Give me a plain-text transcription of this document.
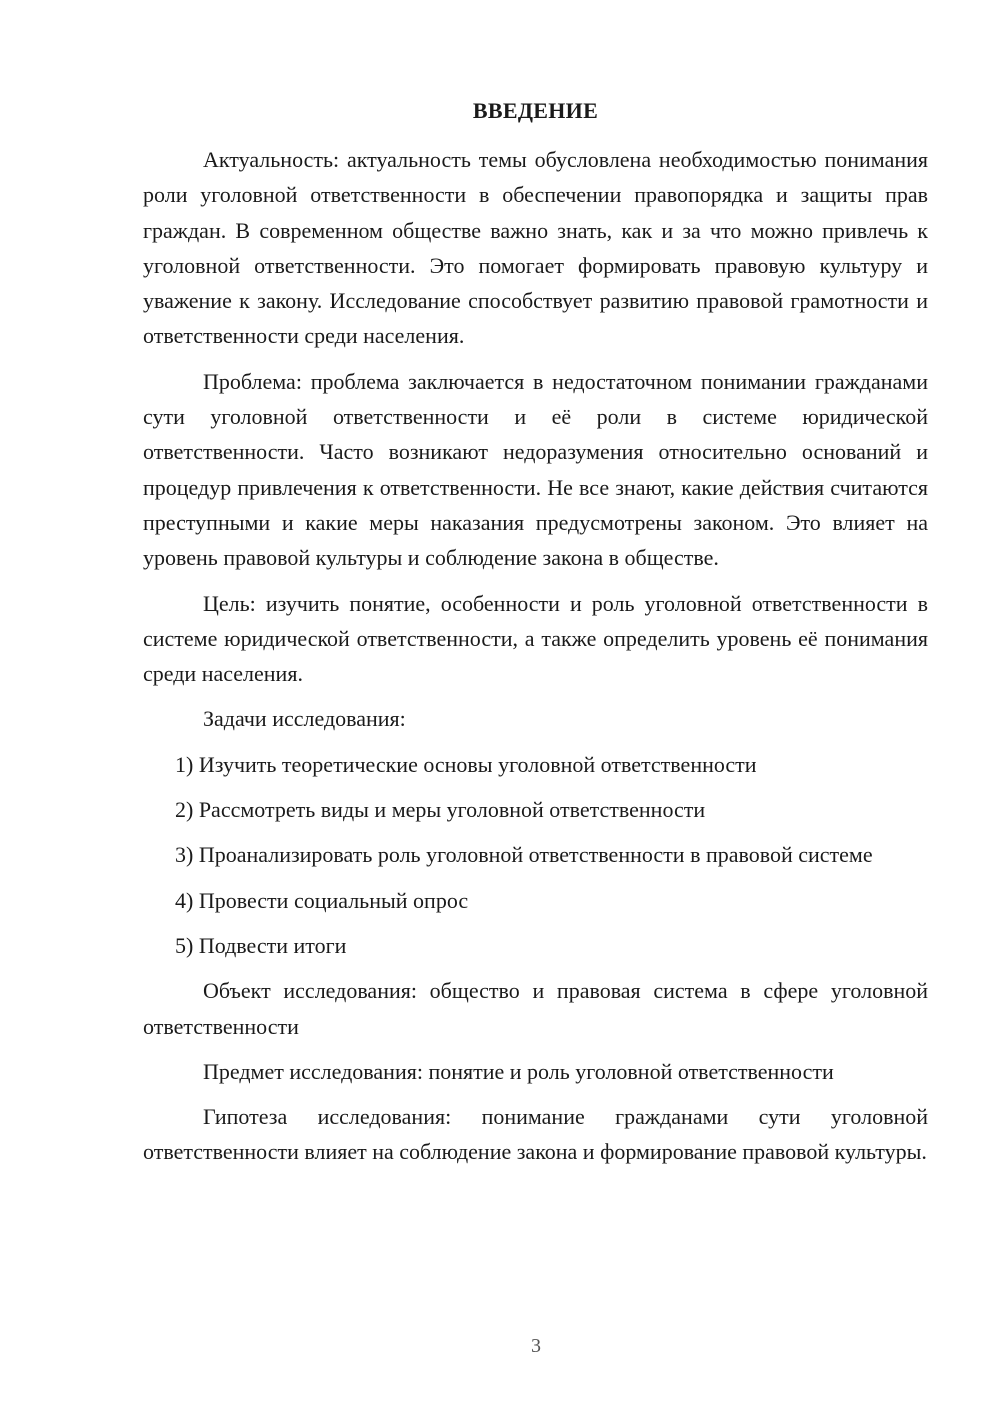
ВВЕДЕНИЕ

Актуальность: актуальность темы обусловлена необходимостью понимания роли уголовной ответственности в обеспечении правопорядка и защиты прав граждан. В современном обществе важно знать, как и за что можно привлечь к уголовной ответственности. Это помогает формировать правовую культуру и уважение к закону. Исследование способствует развитию правовой грамотности и ответственности среди населения.

Проблема: проблема заключается в недостаточном понимании гражданами сути уголовной ответственности и её роли в системе юридической ответственности. Часто возникают недоразумения относительно оснований и процедур привлечения к ответственности. Не все знают, какие действия считаются преступными и какие меры наказания предусмотрены законом. Это влияет на уровень правовой культуры и соблюдение закона в обществе.

Цель: изучить понятие, особенности и роль уголовной ответственности в системе юридической ответственности, а также определить уровень её понимания среди населения.

Задачи исследования:

1) Изучить теоретические основы уголовной ответственности

2) Рассмотреть виды и меры уголовной ответственности

3) Проанализировать роль уголовной ответственности в правовой системе

4) Провести социальный опрос

5) Подвести итоги

Объект исследования: общество и правовая система в сфере уголовной ответственности

Предмет исследования: понятие и роль уголовной ответственности

Гипотеза исследования: понимание гражданами сути уголовной ответственности влияет на соблюдение закона и формирование правовой культуры.

3
